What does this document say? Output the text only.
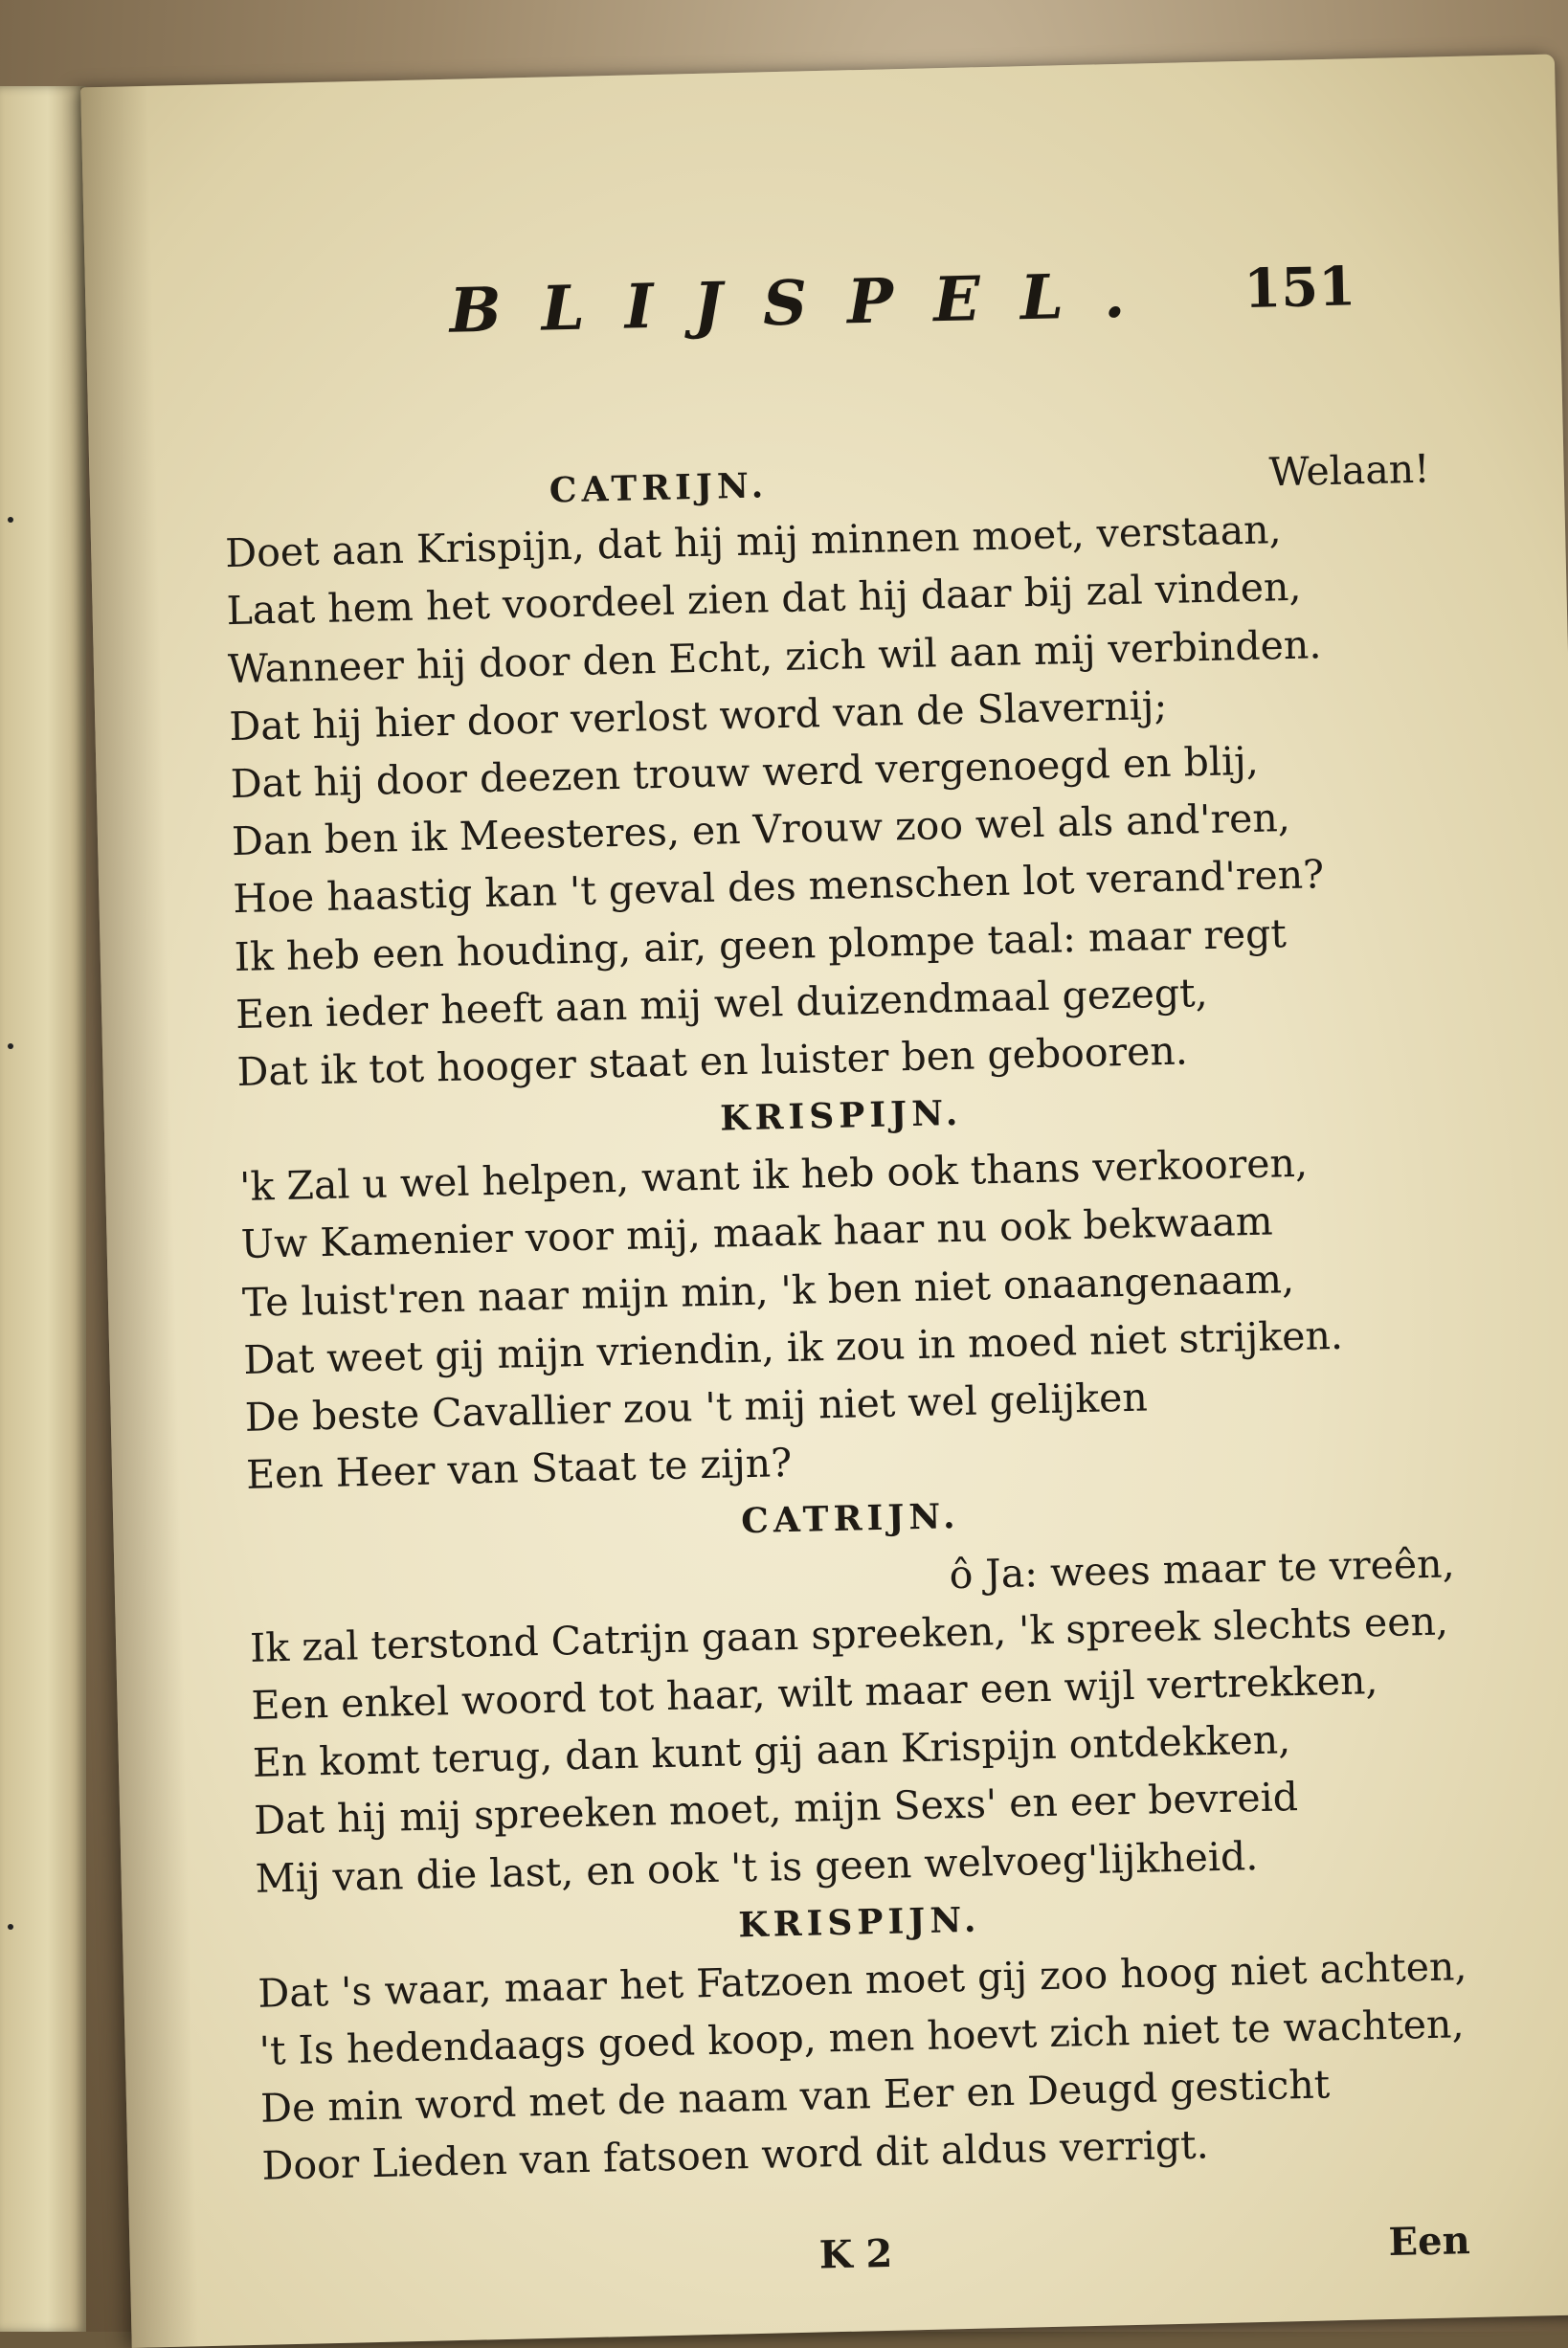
BLIJSPEL.	151
CATRIJN.	Welaan!
Doet aan Krispijn, dat hij mij minnen moet, verstaan,
Laat hem het voordeel zien dat hij daar bij zal vinden,
Wanneer hij door den Echt, zich wil aan mij verbinden.
Dat hij hier door verlost word van de Slavernij;
Dat hij door deezen trouw werd vergenoegd en blij,
Dan ben ik Meesteres, en Vrouw zoo wel als and'ren,
Hoe haastig kan 't geval des menschen lot verand'ren?
Ik heb een houding, air, geen plompe taal: maar regt
Een ieder heeft aan mij wel duizendmaal gezegt,
Dat ik tot hooger staat en luister ben gebooren.
KRISPIJN.
'k Zal u wel helpen, want ik heb ook thans verkooren,
Uw Kamenier voor mij, maak haar nu ook bekwaam
Te luist'ren naar mijn min, 'k ben niet onaangenaam,
Dat weet gij mijn vriendin, ik zou in moed niet strijken.
De beste Cavallier zou 't mij niet wel gelijken
Een Heer van Staat te zijn?
CATRIJN.
ô Ja: wees maar te vreên,
Ik zal terstond Catrijn gaan spreeken, 'k spreek slechts een,
Een enkel woord tot haar, wilt maar een wijl vertrekken,
En komt terug, dan kunt gij aan Krispijn ontdekken,
Dat hij mij spreeken moet, mijn Sexs' en eer bevreid
Mij van die last, en ook 't is geen welvoeg'lijkheid.
KRISPIJN.
Dat 's waar, maar het Fatzoen moet gij zoo hoog niet achten,
't Is hedendaags goed koop, men hoevt zich niet te wachten,
De min word met de naam van Eer en Deugd gesticht
Door Lieden van fatsoen word dit aldus verrigt.
K 2	Een
